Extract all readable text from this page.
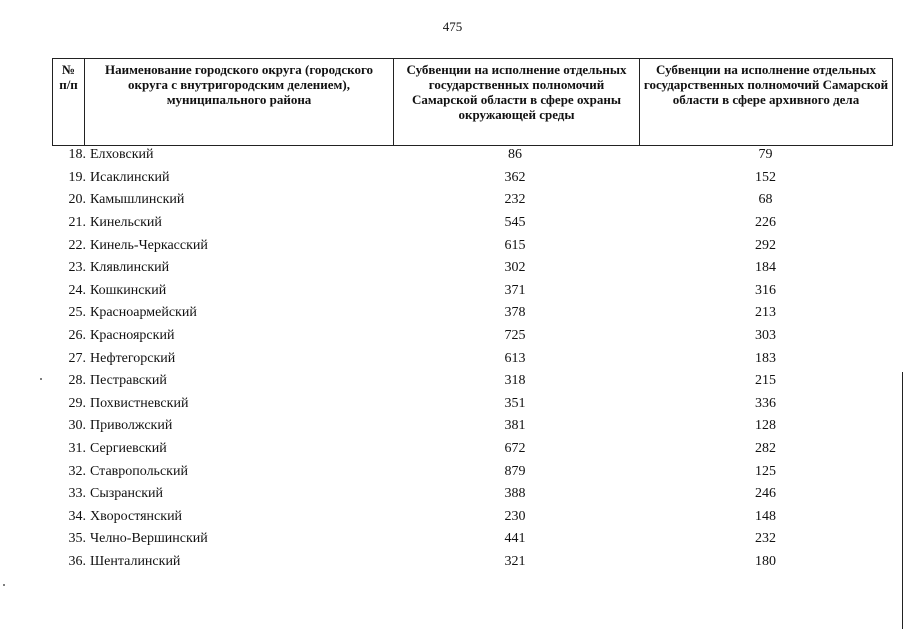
475
№ п/п	Наименование городского округа (городского округа с внутригородским делением), муниципального района	Субвенции на исполнение отдельных государственных полномочий Самарской области в сфере охраны окружающей среды	Субвенции на исполнение отдельных государственных полномочий Самарской области в сфере архивного дела
18. Елховский	86	79
19. Исаклинский	362	152
20. Камышлинский	232	68
21. Кинельский	545	226
22. Кинель-Черкасский	615	292
23. Клявлинский	302	184
24. Кошкинский	371	316
25. Красноармейский	378	213
26. Красноярский	725	303
27. Нефтегорский	613	183
28. Пестравский	318	215
29. Похвистневский	351	336
30. Приволжский	381	128
31. Сергиевский	672	282
32. Ставропольский	879	125
33. Сызранский	388	246
34. Хворостянский	230	148
35. Челно-Вершинский	441	232
36. Шенталинский	321	180
